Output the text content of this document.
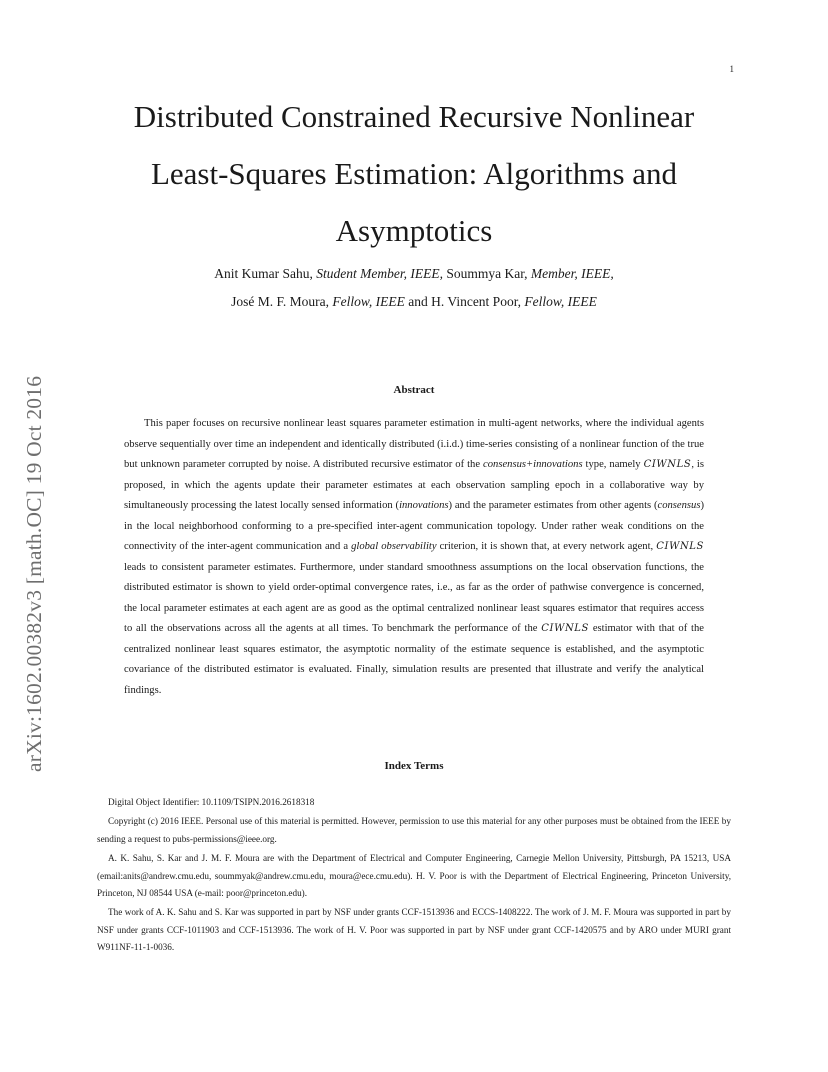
1
arXiv:1602.00382v3 [math.OC] 19 Oct 2016
Distributed Constrained Recursive Nonlinear Least-Squares Estimation: Algorithms and Asymptotics
Anit Kumar Sahu, Student Member, IEEE, Soummya Kar, Member, IEEE,
José M. F. Moura, Fellow, IEEE and H. Vincent Poor, Fellow, IEEE
Abstract

This paper focuses on recursive nonlinear least squares parameter estimation in multi-agent networks, where the individual agents observe sequentially over time an independent and identically distributed (i.i.d.) time-series consisting of a nonlinear function of the true but unknown parameter corrupted by noise. A distributed recursive estimator of the consensus+innovations type, namely CIWNLS, is proposed, in which the agents update their parameter estimates at each observation sampling epoch in a collaborative way by simultaneously processing the latest locally sensed information (innovations) and the parameter estimates from other agents (consensus) in the local neighborhood conforming to a pre-specified inter-agent communication topology. Under rather weak conditions on the connectivity of the inter-agent communication and a global observability criterion, it is shown that, at every network agent, CIWNLS leads to consistent parameter estimates. Furthermore, under standard smoothness assumptions on the local observation functions, the distributed estimator is shown to yield order-optimal convergence rates, i.e., as far as the order of pathwise convergence is concerned, the local parameter estimates at each agent are as good as the optimal centralized nonlinear least squares estimator that requires access to all the observations across all the agents at all times. To benchmark the performance of the CIWNLS estimator with that of the centralized nonlinear least squares estimator, the asymptotic normality of the estimate sequence is established, and the asymptotic covariance of the distributed estimator is evaluated. Finally, simulation results are presented that illustrate and verify the analytical findings.

Index Terms

Digital Object Identifier: 10.1109/TSIPN.2016.2618318

Copyright (c) 2016 IEEE. Personal use of this material is permitted. However, permission to use this material for any other purposes must be obtained from the IEEE by sending a request to pubs-permissions@ieee.org.

A. K. Sahu, S. Kar and J. M. F. Moura are with the Department of Electrical and Computer Engineering, Carnegie Mellon University, Pittsburgh, PA 15213, USA (email:anits@andrew.cmu.edu, soummyak@andrew.cmu.edu, moura@ece.cmu.edu). H. V. Poor is with the Department of Electrical Engineering, Princeton University, Princeton, NJ 08544 USA (e-mail: poor@princeton.edu).

The work of A. K. Sahu and S. Kar was supported in part by NSF under grants CCF-1513936 and ECCS-1408222. The work of J. M. F. Moura was supported in part by NSF under grants CCF-1011903 and CCF-1513936. The work of H. V. Poor was supported in part by NSF under grant CCF-1420575 and by ARO under MURI grant W911NF-11-1-0036.
